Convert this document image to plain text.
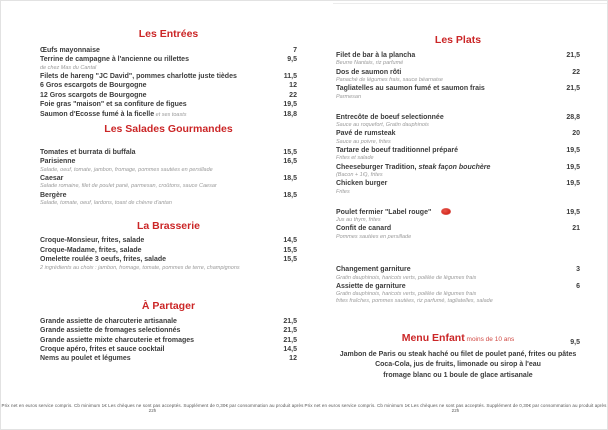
Les Entrées
Œufs mayonnaise	7
Terrine de campagne à l'ancienne ou rillettes	9,5
de chez Mas du Cantal
Filets de hareng "JC David", pommes charlotte juste tièdes	11,5
6 Gros escargots de Bourgogne	12
12 Gros scargots de Bourgogne	22
Foie gras "maison" et sa confiture de figues	19,5
Saumon d'Ecosse fumé à la ficelle et ses toasts	18,8
Les Salades Gourmandes
Tomates et burrata di buffala	15,5
Parisienne	16,5
Salade, oeuf, tomate, jambon, fromage, pommes sautées en persillade
Caesar	18,5
Salade romaine, filet de poulet pané, parmesan, croûtons, sauce Caesar
Bergère	18,5
Salade, tomate, oeuf, lardons, toast de chèvre d'antan
La Brasserie
Croque-Monsieur, frites, salade	14,5
Croque-Madame, frites, salade	15,5
Omelette roulée 3 oeufs, frites, salade	15,5
2 ingrédients au choix : jambon, fromage, tomate, pommes de terre, champignons
À Partager
Grande assiette de charcuterie artisanale	21,5
Grande assiette de fromages selectionnés	21,5
Grande assiette mixte charcuterie et fromages	21,5
Croque apéro, frites et sauce cocktail	14,5
Nems au poulet et légumes	12
Les Plats
Filet de bar à la plancha	21,5
Beurre Nantais, riz parfumé
Dos de saumon rôti	22
Panaché de légumes frais, sauce béarnaise
Tagliatelles au saumon fumé et saumon frais	21,5
Parmesan
Entrecôte de boeuf selectionnée	28,8
Sauce au roquefort, Gratin dauphinois
Pavé de rumsteak	20
Sauce au poivre, frites
Tartare de boeuf traditionnel préparé	19,5
Frites et salade
Cheeseburger Tradition, steak façon bouchère	19,5
(Bacon + 1€), frites
Chicken burger	19,5
Frites
Poulet fermier "Label rouge"	19,5
Jus au thym, frites
Confit de canard	21
Pommes sautées en persillade
Changement garniture	3
Gratin dauphinois, haricots verts, poêlée de légumes frais
Assiette de garniture	6
Gratin dauphinois, haricots verts, poêlée de légumes frais
frites fraîches, pommes sautées, riz parfumé, tagliatelles, salade
Menu Enfant moins de 10 ans	9,5
Jambon de Paris ou steak haché ou filet de poulet pané, frites ou pâtes
Coca-Cola, jus de fruits, limonade ou sirop à l'eau
fromage blanc ou 1 boule de glace artisanale
Prix net en euros service compris. Cb minimum 1€ Les chèques ne sont pas acceptés. Supplément de 0,30€ par consommation au produit après 22h
Prix net en euros service compris. Cb minimum 1€ Les chèques ne sont pas acceptés. Supplément de 0,30€ par consommation au produit après 22h
